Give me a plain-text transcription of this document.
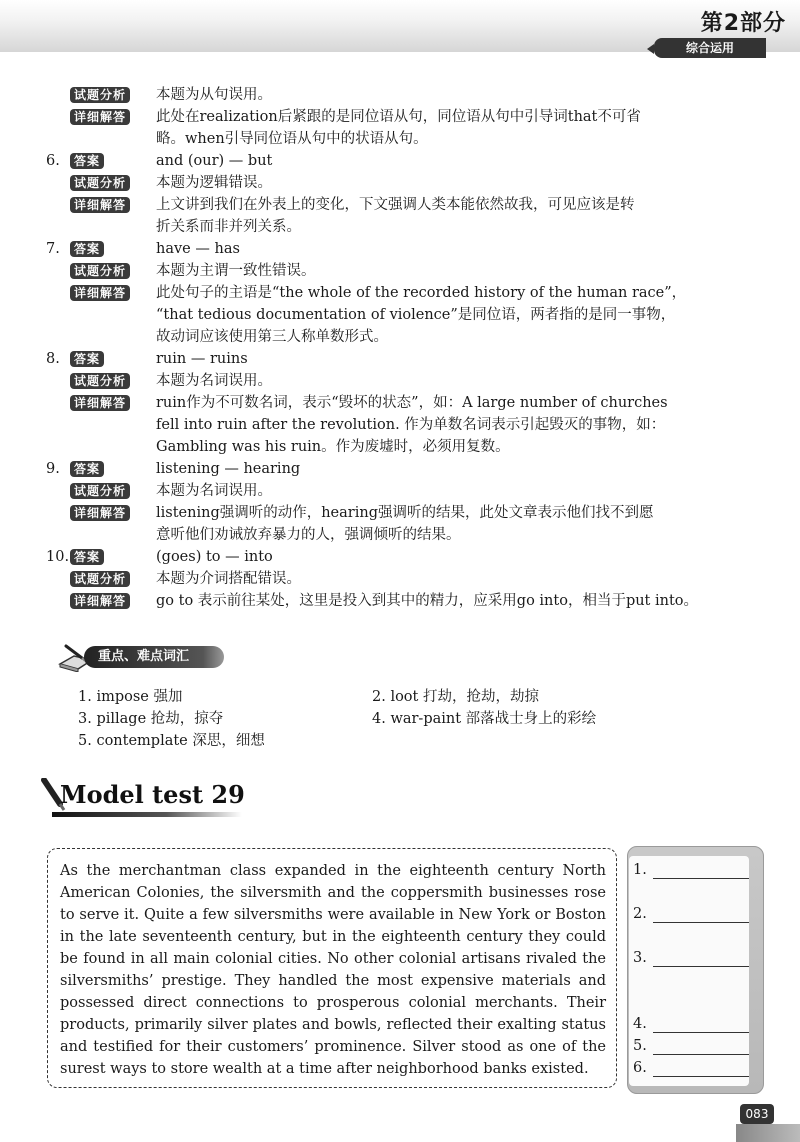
第2部分
综合运用
试题分析 本题为从句误用。
详细解答 此处在realization后紧跟的是同位语从句，同位语从句中引导词that不可省
略。when引导同位语从句中的状语从句。
6.	答案	and (our) — but
试题分析 本题为逻辑错误。
详细解答 上文讲到我们在外表上的变化，下文强调人类本能依然故我，可见应该是转
折关系而非并列关系。
7.	答案	have — has
试题分析 本题为主谓一致性错误。
详细解答 此处句子的主语是“the whole of the recorded history of the human race”，
“that tedious documentation of violence”是同位语，两者指的是同一事物，
故动词应该使用第三人称单数形式。
8.	答案	ruin — ruins
试题分析 本题为名词误用。
详细解答 ruin作为不可数名词，表示“毁坏的状态”，如：A large number of churches
fell into ruin after the revolution. 作为单数名词表示引起毁灭的事物，如：
Gambling was his ruin。作为废墟时，必须用复数。
9.	答案	listening — hearing
试题分析 本题为名词误用。
详细解答 listening强调听的动作，hearing强调听的结果，此处文章表示他们找不到愿
意听他们劝诫放弃暴力的人，强调倾听的结果。
10. 答案	(goes) to — into
试题分析 本题为介词搭配错误。
详细解答 go to 表示前往某处，这里是投入到其中的精力，应采用go into，相当于put into。
重点、难点词汇
1. impose 强加
3. pillage 抢劫，掠夺
5. contemplate 深思，细想
2. loot 打劫，抢劫，劫掠
4. war-paint 部落战士身上的彩绘
Model test 29
As the merchantman class expanded in the eighteenth century North
American Colonies, the silversmith and the coppersmith businesses rose
to serve it. Quite a few silversmiths were available in New York or Boston
in the late seventeenth century, but in the eighteenth century they could
be found in all main colonial cities. No other colonial artisans rivaled the
silversmiths’ prestige. They handled the most expensive materials and
possessed direct connections to prosperous colonial merchants. Their
products, primarily silver plates and bowls, reflected their exalting status
and testified for their customers’ prominence. Silver stood as one of the
surest ways to store wealth at a time after neighborhood banks existed.
1.
2.
3.
4.
5.
6.
083
